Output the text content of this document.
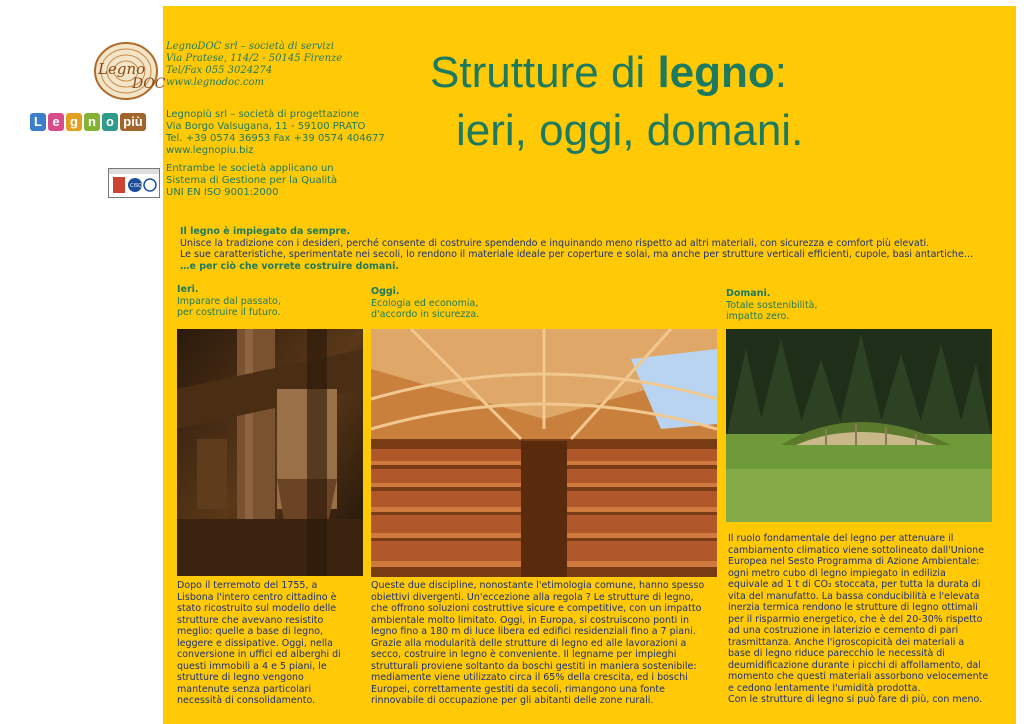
Legno
DOC
L e g n o più
CISQ
LegnoDOC srl – società di servizi
Via Pratese, 114/2 - 50145 Firenze
Tel/Fax 055 3024274
www.legnodoc.com
Legnopiù srl – società di progettazione
Via Borgo Valsugana, 11 - 59100 PRATO
Tel. +39 0574 36953 Fax +39 0574 404677
www.legnopiu.biz
Entrambe le società applicano un
Sistema di Gestione per la Qualità
UNI EN ISO 9001:2000
Strutture di legno:
ieri, oggi, domani.
Il legno è impiegato da sempre.
Unisce la tradizione con i desideri, perché consente di costruire spendendo e inquinando meno rispetto ad altri materiali, con sicurezza e comfort più elevati.
Le sue caratteristiche, sperimentate nei secoli, lo rendono il materiale ideale per coperture e solai, ma anche per strutture verticali efficienti, cupole, basi antartiche…
…e per ciò che vorrete costruire domani.
Ieri.
Imparare dal passato,
per costruire il futuro.
Oggi.
Ecologia ed economia,
d'accordo in sicurezza.
Domani.
Totale sostenibilità,
impatto zero.
Dopo il terremoto del 1755, a
Lisbona l'intero centro cittadino è
stato ricostruito sul modello delle
strutture che avevano resistito
meglio: quelle a base di legno,
leggere e dissipative. Oggi, nella
conversione in uffici ed alberghi di
questi immobili a 4 e 5 piani, le
strutture di legno vengono
mantenute senza particolari
necessità di consolidamento.
Queste due discipline, nonostante l'etimologia comune, hanno spesso
obiettivi divergenti. Un'eccezione alla regola ? Le strutture di legno,
che offrono soluzioni costruttive sicure e competitive, con un impatto
ambientale molto limitato. Oggi, in Europa, si costruiscono ponti in
legno fino a 180 m di luce libera ed edifici residenziali fino a 7 piani.
Grazie alla modularità delle strutture di legno ed alle lavorazioni a
secco, costruire in legno è conveniente. Il legname per impieghi
strutturali proviene soltanto da boschi gestiti in maniera sostenibile:
mediamente viene utilizzato circa il 65% della crescita, ed i boschi
Europei, correttamente gestiti da secoli, rimangono una fonte
rinnovabile di occupazione per gli abitanti delle zone rurali.
Il ruolo fondamentale del legno per attenuare il
cambiamento climatico viene sottolineato dall'Unione
Europea nel Sesto Programma di Azione Ambientale:
ogni metro cubo di legno impiegato in edilizia
equivale ad 1 t di CO₂ stoccata, per tutta la durata di
vita del manufatto. La bassa conducibilità e l'elevata
inerzia termica rendono le strutture di legno ottimali
per il risparmio energetico, che è del 20-30% rispetto
ad una costruzione in laterizio e cemento di pari
trasmittanza. Anche l'igroscopicità dei materiali a
base di legno riduce parecchio le necessità di
deumidificazione durante i picchi di affollamento, dal
momento che questi materiali assorbono velocemente
e cedono lentamente l'umidità prodotta.
Con le strutture di legno si può fare di più, con meno.
